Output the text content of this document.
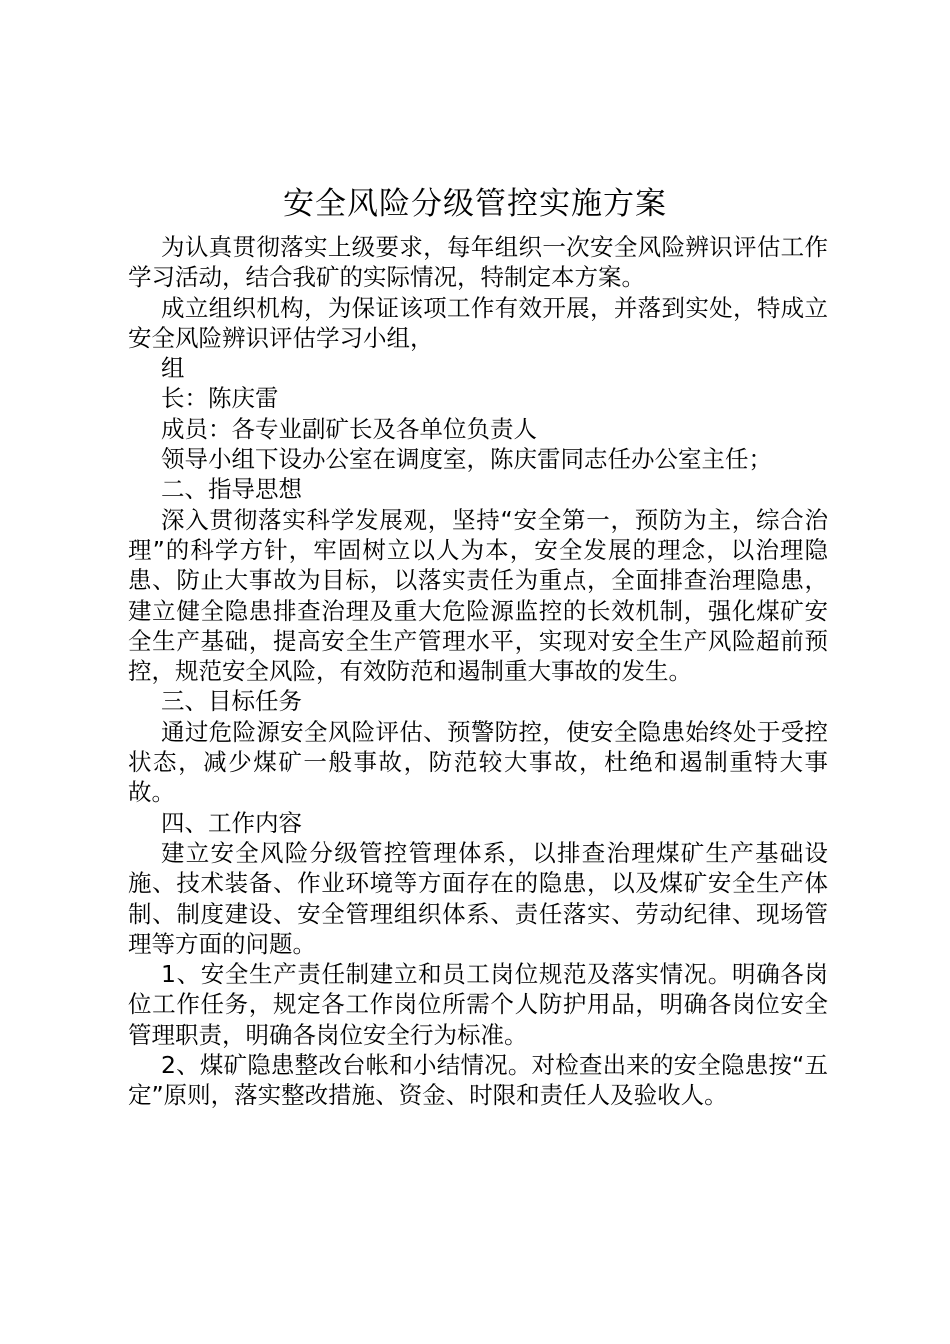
安全风险分级管控实施方案

为认真贯彻落实上级要求，每年组织一次安全风险辨识评估工作学习活动，结合我矿的实际情况，特制定本方案。

成立组织机构，为保证该项工作有效开展，并落到实处，特成立安全风险辨识评估学习小组，

组

长：陈庆雷

成员：各专业副矿长及各单位负责人

领导小组下设办公室在调度室，陈庆雷同志任办公室主任；

二、指导思想

深入贯彻落实科学发展观，坚持“安全第一，预防为主，综合治理”的科学方针，牢固树立以人为本，安全发展的理念，以治理隐患、防止大事故为目标，以落实责任为重点，全面排查治理隐患，建立健全隐患排查治理及重大危险源监控的长效机制，强化煤矿安全生产基础，提高安全生产管理水平，实现对安全生产风险超前预控，规范安全风险，有效防范和遏制重大事故的发生。

三、目标任务

通过危险源安全风险评估、预警防控，使安全隐患始终处于受控状态，减少煤矿一般事故，防范较大事故，杜绝和遏制重特大事故。

四、工作内容

建立安全风险分级管控管理体系，以排查治理煤矿生产基础设施、技术装备、作业环境等方面存在的隐患，以及煤矿安全生产体制、制度建设、安全管理组织体系、责任落实、劳动纪律、现场管理等方面的问题。

1、安全生产责任制建立和员工岗位规范及落实情况。明确各岗位工作任务，规定各工作岗位所需个人防护用品，明确各岗位安全管理职责，明确各岗位安全行为标准。

2、煤矿隐患整改台帐和小结情况。对检查出来的安全隐患按“五定”原则，落实整改措施、资金、时限和责任人及验收人。
